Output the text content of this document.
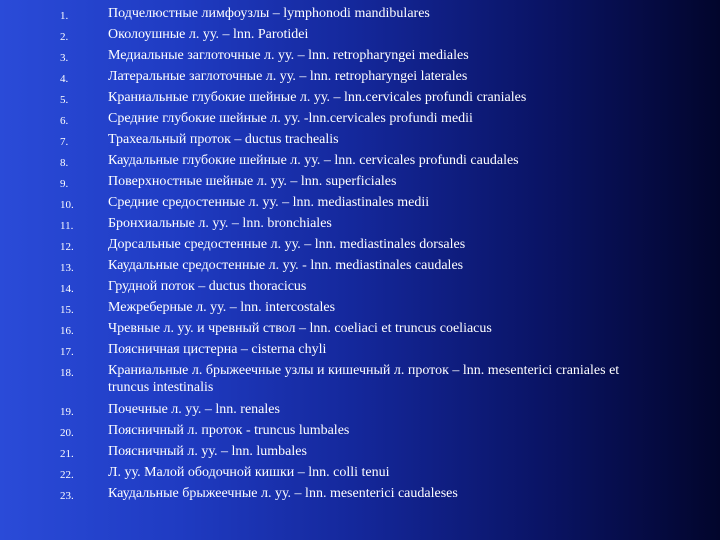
1.	Подчелюстные лимфоузлы – lymphonodi mandibulares
2.	Околоушные л. уу. – lnn. Parotidei
3.	Медиальные заглоточные л. уу. – lnn. retropharyngei mediales
4.	Латеральные заглоточные л. уу. – lnn. retropharyngei laterales
5.	Краниальные глубокие шейные л. уу. – lnn.cervicales profundi craniales
6.	Средние глубокие шейные л. уу. -lnn.cervicales profundi medii
7.	Трахеальный проток – ductus trachealis
8.	Каудальные глубокие шейные л. уу. – lnn. cervicales profundi caudales
9.	Поверхностные шейные л. уу. – lnn. superficiales
10. Средние средостенные л. уу. – lnn. mediastinales medii
11. Бронхиальные л. уу. – lnn. bronchiales
12. Дорсальные средостенные л. уу. – lnn. mediastinales dorsales
13. Каудальные средостенные л. уу. - lnn. mediastinales caudales
14. Грудной поток – ductus thoracicus
15. Межреберные л. уу. – lnn. intercostales
16. Чревные л. уу. и чревный ствол – lnn. coeliaci et truncus coeliacus
17. Поясничная цистерна – cisterna chyli
18. Краниальные л. брыжеечные узлы и кишечный л. проток – lnn. mesenterici craniales et truncus intestinalis
19. Почечные л. уу. – lnn. renales
20. Поясничный л. проток - truncus lumbales
21. Поясничный л. уу. – lnn. lumbales
22. Л. уу. Малой ободочной кишки – lnn. colli tenui
23. Каудальные брыжеечные л. уу. – lnn. mesenterici caudaleses
